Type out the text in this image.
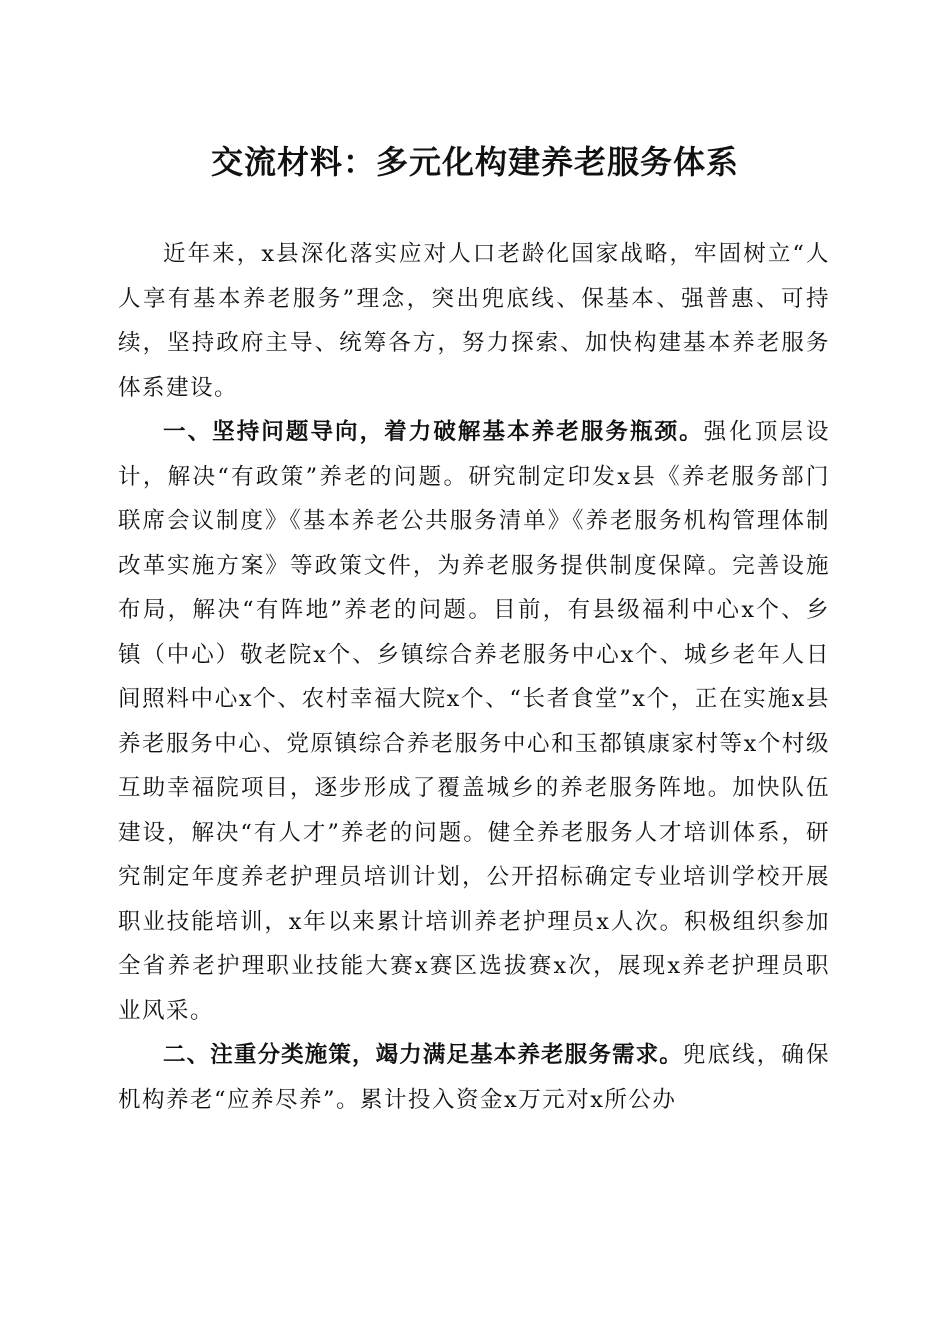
交流材料：多元化构建养老服务体系

近年来，x县深化落实应对人口老龄化国家战略，牢固树立“人人享有基本养老服务”理念，突出兜底线、保基本、强普惠、可持续，坚持政府主导、统筹各方，努力探索、加快构建基本养老服务体系建设。

一、坚持问题导向，着力破解基本养老服务瓶颈。强化顶层设计，解决“有政策”养老的问题。研究制定印发x县《养老服务部门联席会议制度》《基本养老公共服务清单》《养老服务机构管理体制改革实施方案》等政策文件，为养老服务提供制度保障。完善设施布局，解决“有阵地”养老的问题。目前，有县级福利中心x个、乡镇（中心）敬老院x个、乡镇综合养老服务中心x个、城乡老年人日间照料中心x个、农村幸福大院x个、“长者食堂”x个，正在实施x县养老服务中心、党原镇综合养老服务中心和玉都镇康家村等x个村级互助幸福院项目，逐步形成了覆盖城乡的养老服务阵地。加快队伍建设，解决“有人才”养老的问题。健全养老服务人才培训体系，研究制定年度养老护理员培训计划，公开招标确定专业培训学校开展职业技能培训，x年以来累计培训养老护理员x人次。积极组织参加全省养老护理职业技能大赛x赛区选拔赛x次，展现x养老护理员职业风采。

二、注重分类施策，竭力满足基本养老服务需求。兜底线，确保机构养老“应养尽养”。累计投入资金x万元对x所公办
